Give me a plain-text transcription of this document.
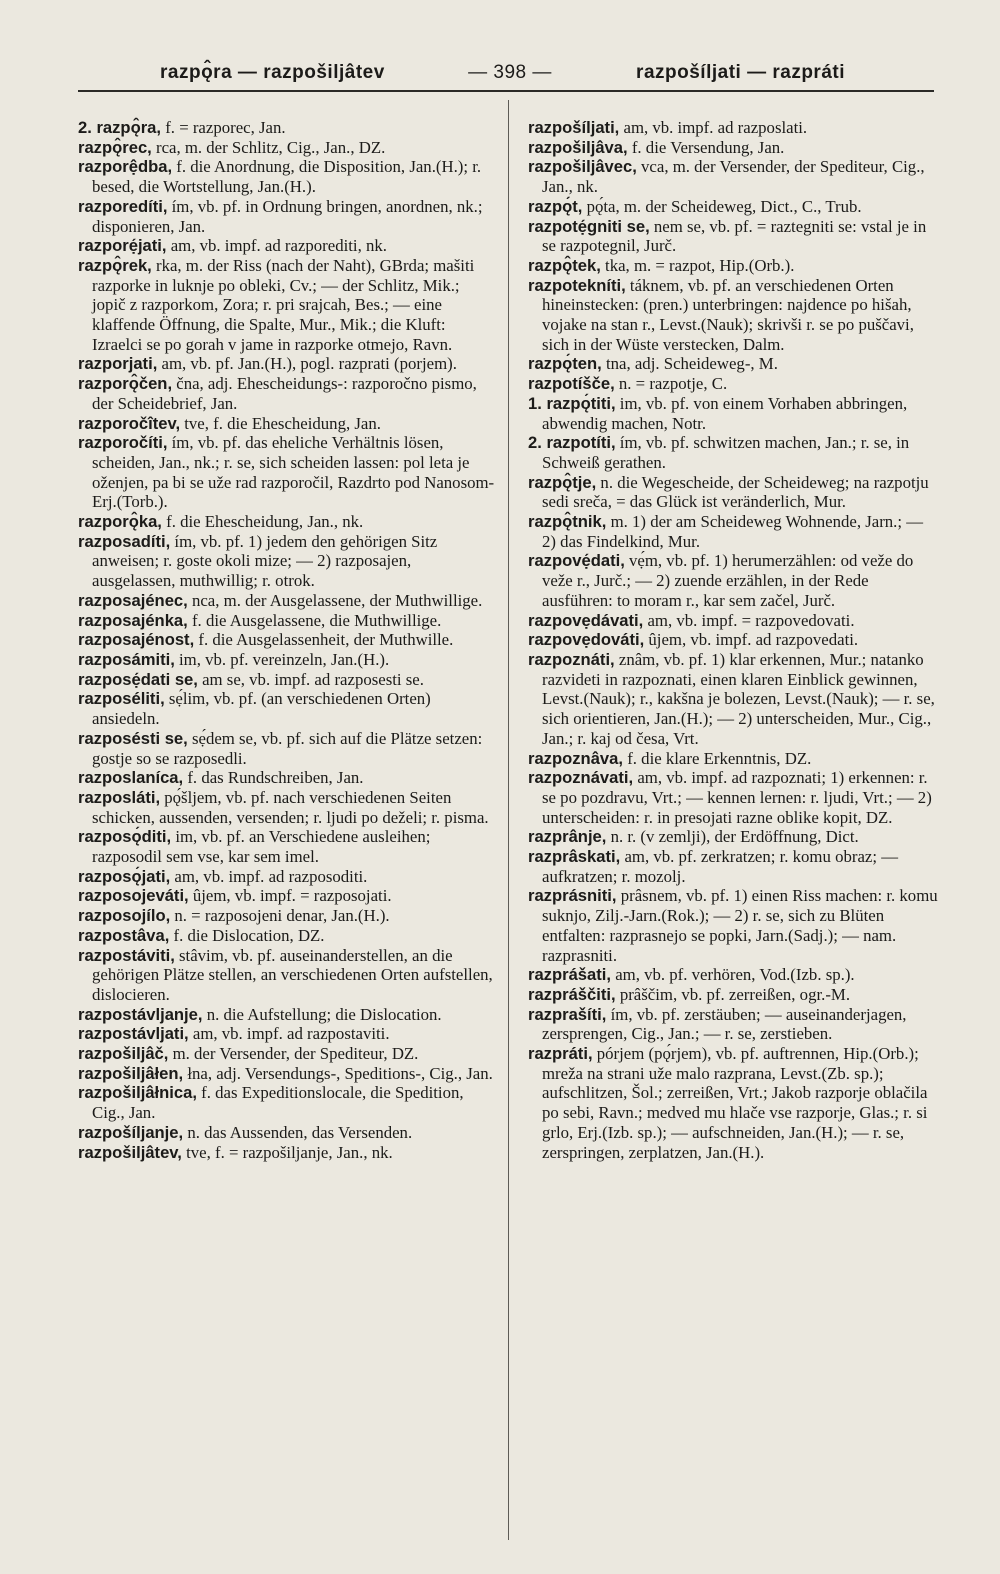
razpǫ̂ra — razpošiljâtev	— 398 —	razpošíljati — razpráti

2. razpǫ̂ra, f. = razporec, Jan.

razpǫ̂rec, rca, m. der Schlitz, Cig., Jan., DZ.

razporệdba, f. die Anordnung, die Disposition, Jan.(H.); r. besed, die Wortstellung, Jan.(H.).

razporedíti, ím, vb. pf. in Ordnung bringen, anordnen, nk.; disponieren, Jan.

razporẹ́jati, am, vb. impf. ad razporediti, nk.

razpǫ̂rek, rka, m. der Riss (nach der Naht), GBrda; mašiti razporke in luknje po obleki, Cv.; — der Schlitz, Mik.; jopič z razporkom, Zora; r. pri srajcah, Bes.; — eine klaffende Öffnung, die Spalte, Mur., Mik.; die Kluft: Izraelci se po gorah v jame in razporke otmejo, Ravn.

razporjati, am, vb. pf. Jan.(H.), pogl. razprati (porjem).

razporǫ̂čen, čna, adj. Ehescheidungs-: razporočno pismo, der Scheidebrief, Jan.

razporočîtev, tve, f. die Ehescheidung, Jan.

razporočíti, ím, vb. pf. das eheliche Verhältnis lösen, scheiden, Jan., nk.; r. se, sich scheiden lassen: pol leta je oženjen, pa bi se uže rad razporočil, Razdrto pod Nanosom-Erj.(Torb.).

razporǫ̂ka, f. die Ehescheidung, Jan., nk.

razposadíti, ím, vb. pf. 1) jedem den gehörigen Sitz anweisen; r. goste okoli mize; — 2) razposajen, ausgelassen, muthwillig; r. otrok.

razposajénec, nca, m. der Ausgelassene, der Muthwillige.

razposajénka, f. die Ausgelassene, die Muthwillige.

razposajénost, f. die Ausgelassenheit, der Muthwille.

razposámiti, im, vb. pf. vereinzeln, Jan.(H.).

razposẹ́dati se, am se, vb. impf. ad razposesti se.

razposéliti, sẹ́lim, vb. pf. (an verschiedenen Orten) ansiedeln.

razposésti se, sẹ́dem se, vb. pf. sich auf die Plätze setzen: gostje so se razposedli.

razposlaníca, f. das Rundschreiben, Jan.

razposláti, pǫ́šljem, vb. pf. nach verschiedenen Seiten schicken, aussenden, versenden; r. ljudi po deželi; r. pisma.

razposǫ́diti, im, vb. pf. an Verschiedene ausleihen; razposodil sem vse, kar sem imel.

razposǫ́jati, am, vb. impf. ad razposoditi.

razposojeváti, ûjem, vb. impf. = razposojati.

razposojílo, n. = razposojeni denar, Jan.(H.).

razpostâva, f. die Dislocation, DZ.

razpostáviti, stâvim, vb. pf. auseinanderstellen, an die gehörigen Plätze stellen, an verschiedenen Orten aufstellen, dislocieren.

razpostávljanje, n. die Aufstellung; die Dislocation.

razpostávljati, am, vb. impf. ad razpostaviti.

razpošiljâč, m. der Versender, der Spediteur, DZ.

razpošiljâłen, łna, adj. Versendungs-, Speditions-, Cig., Jan.

razpošiljâłnica, f. das Expeditionslocale, die Spedition, Cig., Jan.

razpošíljanje, n. das Aussenden, das Versenden.

razpošiljâtev, tve, f. = razpošiljanje, Jan., nk.

razpošíljati, am, vb. impf. ad razposlati.

razpošiljâva, f. die Versendung, Jan.

razpošiljâvec, vca, m. der Versender, der Spediteur, Cig., Jan., nk.

razpǫ́t, pǫ́ta, m. der Scheideweg, Dict., C., Trub.

razpotẹ́gniti se, nem se, vb. pf. = raztegniti se: vstal je in se razpotegnil, Jurč.

razpǫ̂tek, tka, m. = razpot, Hip.(Orb.).

razpotekníti, táknem, vb. pf. an verschiedenen Orten hineinstecken: (pren.) unterbringen: najdence po hišah, vojake na stan r., Levst.(Nauk); skrivši r. se po puščavi, sich in der Wüste verstecken, Dalm.

razpǫ́ten, tna, adj. Scheideweg-, M.

razpotíšče, n. = razpotje, C.

1. razpǫ́titi, im, vb. pf. von einem Vorhaben abbringen, abwendig machen, Notr.

2. razpotíti, ím, vb. pf. schwitzen machen, Jan.; r. se, in Schweiß gerathen.

razpǫ̂tje, n. die Wegescheide, der Scheideweg; na razpotju sedi sreča, = das Glück ist veränderlich, Mur.

razpǫ̂tnik, m. 1) der am Scheideweg Wohnende, Jarn.; — 2) das Findelkind, Mur.

razpovẹ́dati, vẹ́m, vb. pf. 1) herumerzählen: od veže do veže r., Jurč.; — 2) zuende erzählen, in der Rede ausführen: to moram r., kar sem začel, Jurč.

razpovẹdávati, am, vb. impf. = razpovedovati.

razpovẹdováti, ûjem, vb. impf. ad razpovedati.

razpoznáti, znâm, vb. pf. 1) klar erkennen, Mur.; natanko razvideti in razpoznati, einen klaren Einblick gewinnen, Levst.(Nauk); r., kakšna je bolezen, Levst.(Nauk); — r. se, sich orientieren, Jan.(H.); — 2) unterscheiden, Mur., Cig., Jan.; r. kaj od česa, Vrt.

razpoznâva, f. die klare Erkenntnis, DZ.

razpoznávati, am, vb. impf. ad razpoznati; 1) erkennen: r. se po pozdravu, Vrt.; — kennen lernen: r. ljudi, Vrt.; — 2) unterscheiden: r. in presojati razne oblike kopit, DZ.

razprânje, n. r. (v zemlji), der Erdöffnung, Dict.

razprâskati, am, vb. pf. zerkratzen; r. komu obraz; — aufkratzen; r. mozolj.

razprásniti, prâsnem, vb. pf. 1) einen Riss machen: r. komu suknjo, Zilj.-Jarn.(Rok.); — 2) r. se, sich zu Blüten entfalten: razprasnejo se popki, Jarn.(Sadj.); — nam. razprasniti.

razprášati, am, vb. pf. verhören, Vod.(Izb. sp.).

razpráščiti, prâščim, vb. pf. zerreißen, ogr.-M.

razprašíti, ím, vb. pf. zerstäuben; — auseinanderjagen, zersprengen, Cig., Jan.; — r. se, zerstieben.

razpráti, pórjem (pǫ́rjem), vb. pf. auftrennen, Hip.(Orb.); mreža na strani uže malo razprana, Levst.(Zb. sp.); aufschlitzen, Šol.; zerreißen, Vrt.; Jakob razporje oblačila po sebi, Ravn.; medved mu hlače vse razporje, Glas.; r. si grlo, Erj.(Izb. sp.); — aufschneiden, Jan.(H.); — r. se, zerspringen, zerplatzen, Jan.(H.).
